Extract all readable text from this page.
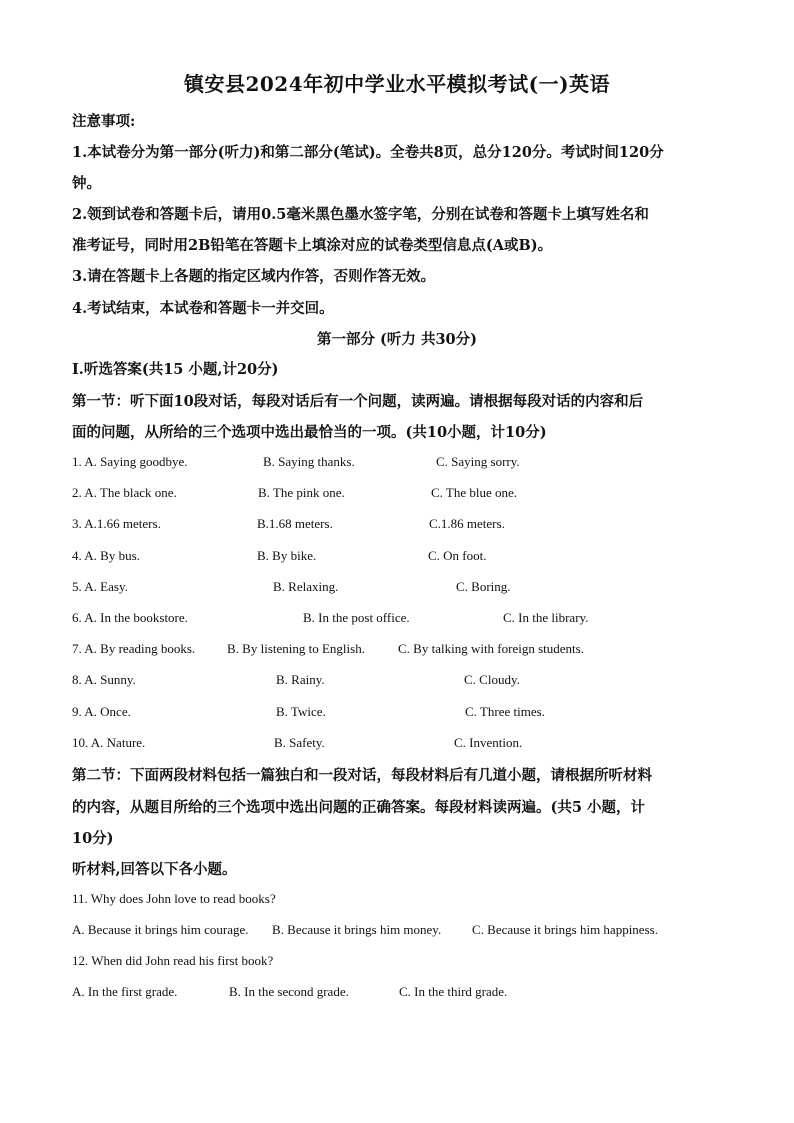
镇安县2024年初中学业水平模拟考试(一)英语
注意事项:
1.本试卷分为第一部分(听力)和第二部分(笔试)。全卷共8页，总分120分。考试时间120分
钟。
2.领到试卷和答题卡后，请用0.5毫米黑色墨水签字笔，分别在试卷和答题卡上填写姓名和
准考证号，同时用2B铅笔在答题卡上填涂对应的试卷类型信息点(A或B)。
3.请在答题卡上各题的指定区域内作答，否则作答无效。
4.考试结束，本试卷和答题卡一并交回。
第一部分 (听力 共30分)
Ⅰ.听选答案(共15 小题,计20分)
第一节：听下面10段对话，每段对话后有一个问题，读两遍。请根据每段对话的内容和后
面的问题，从所给的三个选项中选出最恰当的一项。(共10小题，计10分)
1. A. Saying goodbye.	B. Saying thanks.	C. Saying sorry.
2. A. The black one.	B. The pink one.	C. The blue one.
3. A.1.66 meters.	B.1.68 meters.	C.1.86 meters.
4. A. By bus.	B. By bike.	C. On foot.
5. A. Easy.	B. Relaxing.	C. Boring.
6. A. In the bookstore.	B. In the post office.	C. In the library.
7. A. By reading books. B. By listening to English.	C. By talking with foreign students.
8. A. Sunny.	B. Rainy.	C. Cloudy.
9. A. Once.	B. Twice.	C. Three times.
10. A. Nature.	B. Safety.	C. Invention.
第二节：下面两段材料包括一篇独白和一段对话，每段材料后有几道小题，请根据所听材料
的内容，从题目所给的三个选项中选出问题的正确答案。每段材料读两遍。(共5 小题，计
10分)
听材料,回答以下各小题。
11. Why does John love to read books?
A. Because it brings him courage. B. Because it brings him money. C. Because it brings him happiness.
12. When did John read his first book?
A. In the first grade.	B. In the second grade.	C. In the third grade.
